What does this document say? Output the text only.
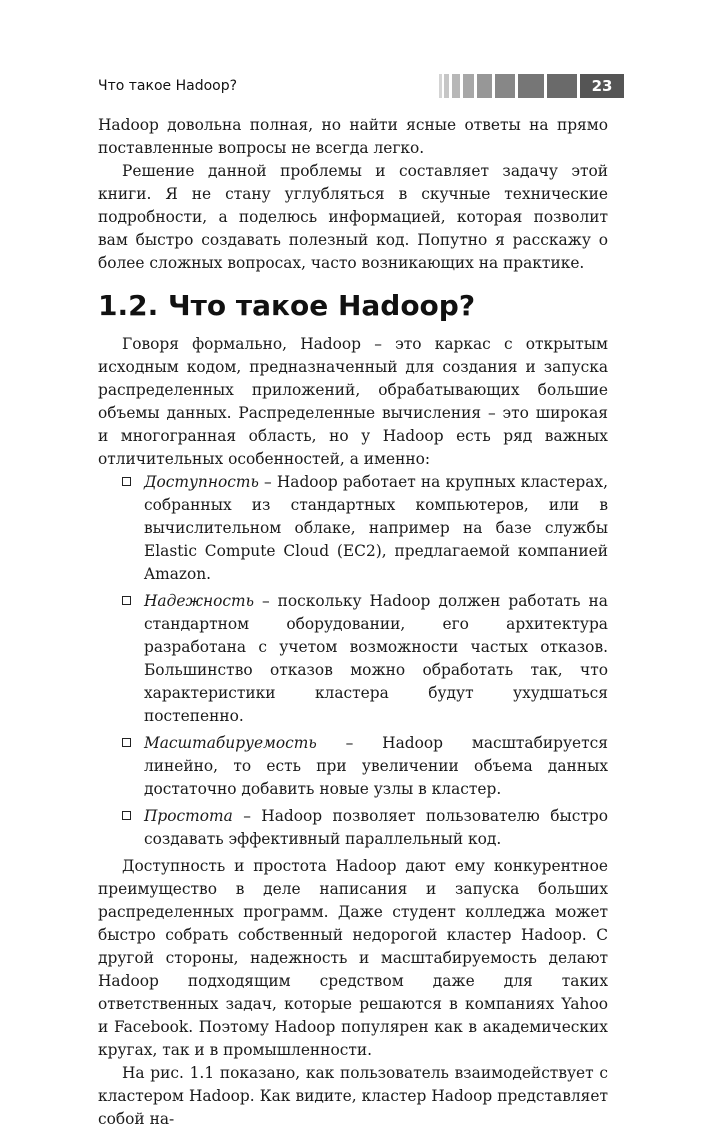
Что такое Hadoop?	23

Hadoop довольна полная, но найти ясные ответы на прямо поставленные вопросы не всегда легко.

Решение данной проблемы и составляет задачу этой книги. Я не стану углубляться в скучные технические подробности, а поделюсь информацией, которая позволит вам быстро создавать полезный код. Попутно я расскажу о более сложных вопросах, часто возникающих на практике.

1.2. Что такое Hadoop?

Говоря формально, Hadoop – это каркас с открытым исходным кодом, предназначенный для создания и запуска распределенных приложений, обрабатывающих большие объемы данных. Распределенные вычисления – это широкая и многогранная область, но у Hadoop есть ряд важных отличительных особенностей, а именно:

Доступность – Hadoop работает на крупных кластерах, собранных из стандартных компьютеров, или в вычислительном облаке, например на базе службы Elastic Compute Cloud (EC2), предлагаемой компанией Amazon.
Надежность – поскольку Hadoop должен работать на стандартном оборудовании, его архитектура разработана с учетом возможности частых отказов. Большинство отказов можно обработать так, что характеристики кластера будут ухудшаться постепенно.
Масштабируемость – Hadoop масштабируется линейно, то есть при увеличении объема данных достаточно добавить новые узлы в кластер.
Простота – Hadoop позволяет пользователю быстро создавать эффективный параллельный код.

Доступность и простота Hadoop дают ему конкурентное преимущество в деле написания и запуска больших распределенных программ. Даже студент колледжа может быстро собрать собственный недорогой кластер Hadoop. С другой стороны, надежность и масштабируемость делают Hadoop подходящим средством даже для таких ответственных задач, которые решаются в компаниях Yahoo и Facebook. Поэтому Hadoop популярен как в академических кругах, так и в промышленности.

На рис. 1.1 показано, как пользователь взаимодействует с кластером Hadoop. Как видите, кластер Hadoop представляет собой на-
